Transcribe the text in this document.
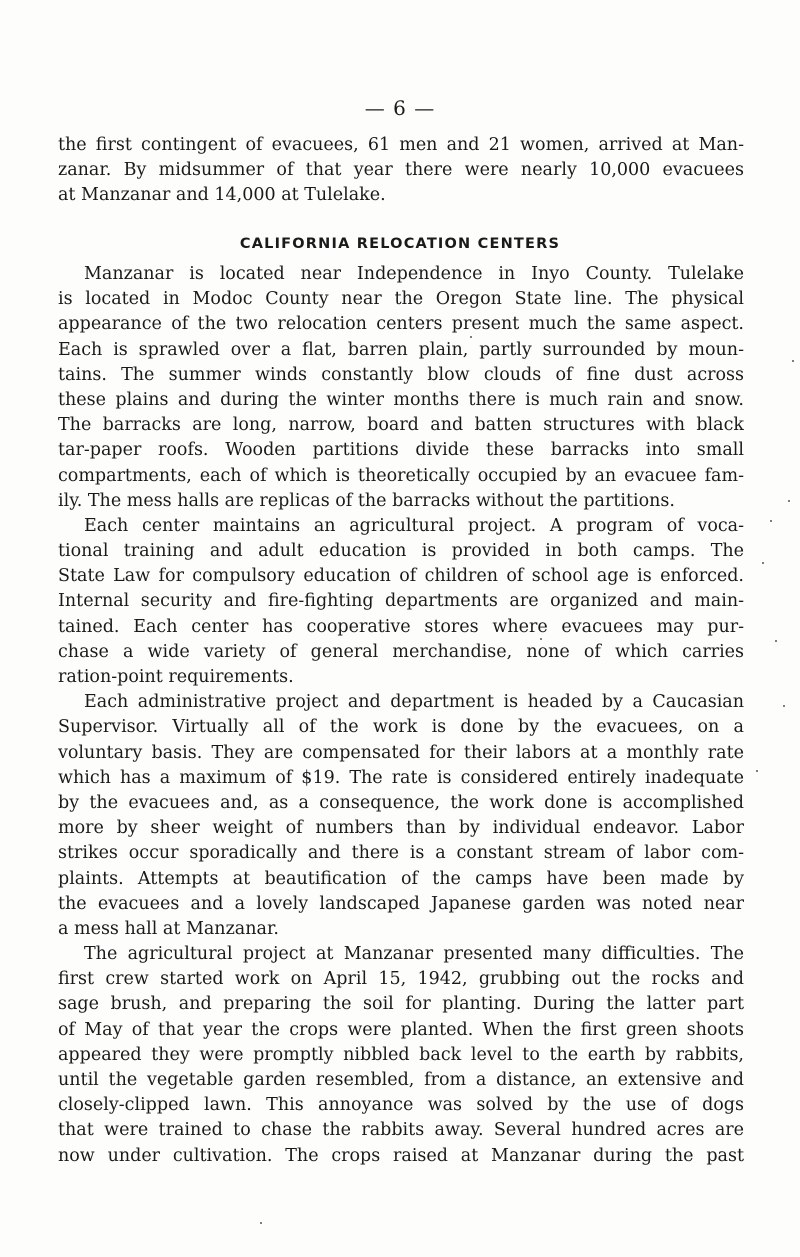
— 6 —
the first contingent of evacuees, 61 men and 21 women, arrived at Man-
zanar. By midsummer of that year there were nearly 10,000 evacuees
at Manzanar and 14,000 at Tulelake.
CALIFORNIA RELOCATION CENTERS
Manzanar is located near Independence in Inyo County. Tulelake
is located in Modoc County near the Oregon State line. The physical
appearance of the two relocation centers present much the same aspect.
Each is sprawled over a flat, barren plain, partly surrounded by moun-
tains. The summer winds constantly blow clouds of fine dust across
these plains and during the winter months there is much rain and snow.
The barracks are long, narrow, board and batten structures with black
tar-paper roofs. Wooden partitions divide these barracks into small
compartments, each of which is theoretically occupied by an evacuee fam-
ily. The mess halls are replicas of the barracks without the partitions.
Each center maintains an agricultural project. A program of voca-
tional training and adult education is provided in both camps. The
State Law for compulsory education of children of school age is enforced.
Internal security and fire-fighting departments are organized and main-
tained. Each center has cooperative stores where evacuees may pur-
chase a wide variety of general merchandise, none of which carries
ration-point requirements.
Each administrative project and department is headed by a Caucasian
Supervisor. Virtually all of the work is done by the evacuees, on a
voluntary basis. They are compensated for their labors at a monthly rate
which has a maximum of $19. The rate is considered entirely inadequate
by the evacuees and, as a consequence, the work done is accomplished
more by sheer weight of numbers than by individual endeavor. Labor
strikes occur sporadically and there is a constant stream of labor com-
plaints. Attempts at beautification of the camps have been made by
the evacuees and a lovely landscaped Japanese garden was noted near
a mess hall at Manzanar.
The agricultural project at Manzanar presented many difficulties. The
first crew started work on April 15, 1942, grubbing out the rocks and
sage brush, and preparing the soil for planting. During the latter part
of May of that year the crops were planted. When the first green shoots
appeared they were promptly nibbled back level to the earth by rabbits,
until the vegetable garden resembled, from a distance, an extensive and
closely-clipped lawn. This annoyance was solved by the use of dogs
that were trained to chase the rabbits away. Several hundred acres are
now under cultivation. The crops raised at Manzanar during the past
